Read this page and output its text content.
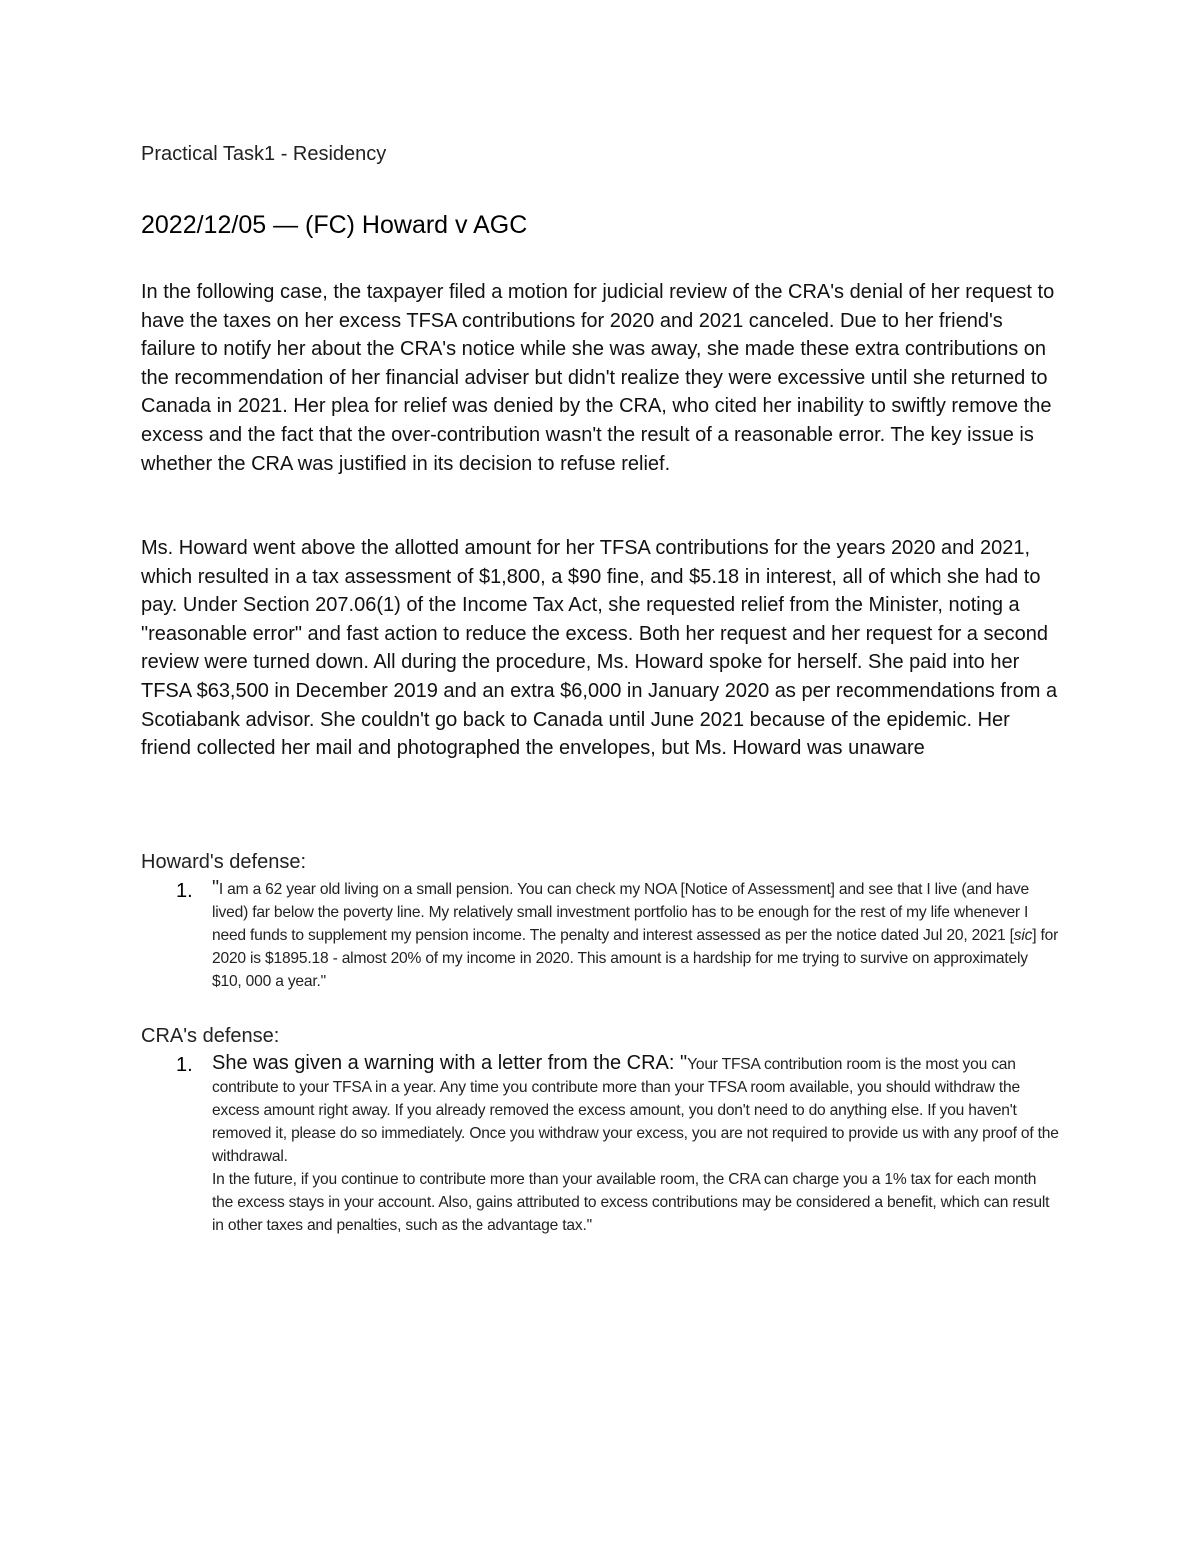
Practical Task1 - Residency

2022/12/05 — (FC) Howard v AGC

In the following case, the taxpayer filed a motion for judicial review of the CRA's denial of her request to have the taxes on her excess TFSA contributions for 2020 and 2021 canceled. Due to her friend's failure to notify her about the CRA's notice while she was away, she made these extra contributions on the recommendation of her financial adviser but didn't realize they were excessive until she returned to Canada in 2021. Her plea for relief was denied by the CRA, who cited her inability to swiftly remove the excess and the fact that the over-contribution wasn't the result of a reasonable error. The key issue is whether the CRA was justified in its decision to refuse relief.

Ms. Howard went above the allotted amount for her TFSA contributions for the years 2020 and 2021, which resulted in a tax assessment of $1,800, a $90 fine, and $5.18 in interest, all of which she had to pay. Under Section 207.06(1) of the Income Tax Act, she requested relief from the Minister, noting a "reasonable error" and fast action to reduce the excess. Both her request and her request for a second review were turned down. All during the procedure, Ms. Howard spoke for herself. She paid into her TFSA $63,500 in December 2019 and an extra $6,000 in January 2020 as per recommendations from a Scotiabank advisor. She couldn't go back to Canada until June 2021 because of the epidemic. Her friend collected her mail and photographed the envelopes, but Ms. Howard was unaware

Howard's defense:

1. "I am a 62 year old living on a small pension. You can check my NOA [Notice of Assessment] and see that I live (and have lived) far below the poverty line. My relatively small investment portfolio has to be enough for the rest of my life whenever I need funds to supplement my pension income. The penalty and interest assessed as per the notice dated Jul 20, 2021 [sic] for 2020 is $1895.18 - almost 20% of my income in 2020. This amount is a hardship for me trying to survive on approximately $10, 000 a year."

CRA's defense:

1. She was given a warning with a letter from the CRA: "Your TFSA contribution room is the most you can contribute to your TFSA in a year. Any time you contribute more than your TFSA room available, you should withdraw the excess amount right away. If you already removed the excess amount, you don't need to do anything else. If you haven't removed it, please do so immediately. Once you withdraw your excess, you are not required to provide us with any proof of the withdrawal.
In the future, if you continue to contribute more than your available room, the CRA can charge you a 1% tax for each month the excess stays in your account. Also, gains attributed to excess contributions may be considered a benefit, which can result in other taxes and penalties, such as the advantage tax."
